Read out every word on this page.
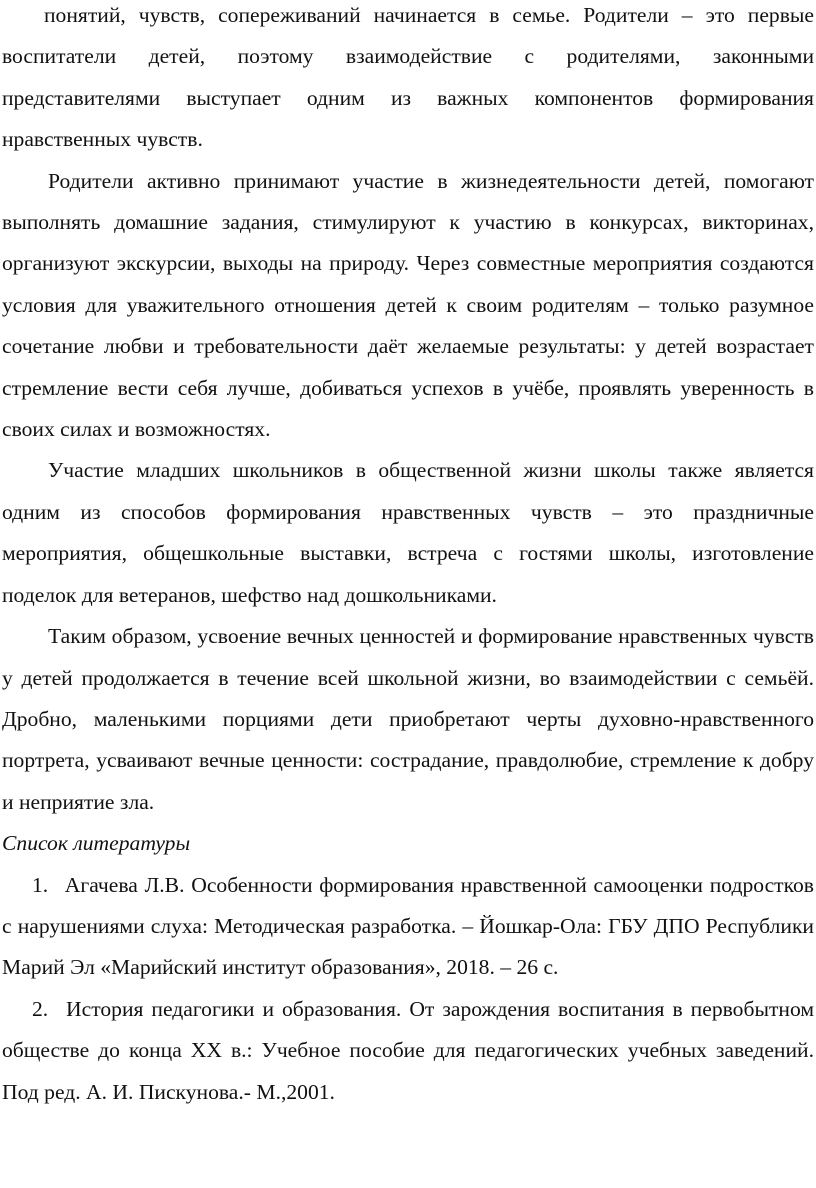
понятий, чувств, сопереживаний начинается в семье. Родители – это первые воспитатели детей, поэтому взаимодействие с родителями, законными представителями выступает одним из важных компонентов формирования нравственных чувств.

Родители активно принимают участие в жизнедеятельности детей, помогают выполнять домашние задания, стимулируют к участию в конкурсах, викторинах, организуют экскурсии, выходы на природу. Через совместные мероприятия создаются условия для уважительного отношения детей к своим родителям – только разумное сочетание любви и требовательности даёт желаемые результаты: у детей возрастает стремление вести себя лучше, добиваться успехов в учёбе, проявлять уверенность в своих силах и возможностях.

Участие младших школьников в общественной жизни школы также является одним из способов формирования нравственных чувств – это праздничные мероприятия, общешкольные выставки, встреча с гостями школы, изготовление поделок для ветеранов, шефство над дошкольниками.

Таким образом, усвоение вечных ценностей и формирование нравственных чувств у детей продолжается в течение всей школьной жизни, во взаимодействии с семьёй. Дробно, маленькими порциями дети приобретают черты духовно-нравственного портрета, усваивают вечные ценности: сострадание, правдолюбие, стремление к добру и неприятие зла.

Список литературы

1. Агачева Л.В. Особенности формирования нравственной самооценки подростков с нарушениями слуха: Методическая разработка. – Йошкар-Ола: ГБУ ДПО Республики Марий Эл «Марийский институт образования», 2018. – 26 с.

2. История педагогики и образования. От зарождения воспитания в первобытном обществе до конца XX в.: Учебное пособие для педагогических учебных заведений. Под ред. А. И. Пискунова.- М.,2001.
